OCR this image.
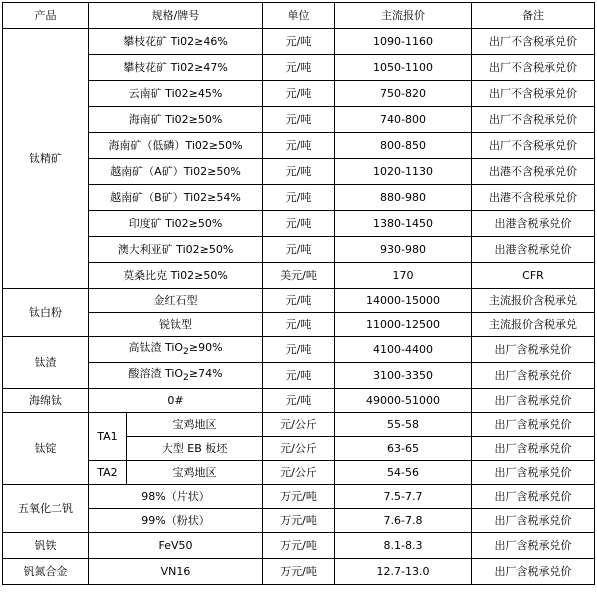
产品	规格/牌号		单位	主流报价	备注
钛精矿	攀枝花矿 Ti02≥46%		元/吨	1090-1160	出厂不含税承兑价
	攀枝花矿 Ti02≥47%		元/吨	1050-1100	出厂不含税承兑价
	云南矿 Ti02≥45%		元/吨	750-820	出厂不含税承兑价
	海南矿 Ti02≥50%		元/吨	740-800	出厂不含税承兑价
	海南矿（低磷）Ti02≥50%		元/吨	800-850	出厂不含税承兑价
	越南矿（A矿）Ti02≥50%		元/吨	1020-1130	出港不含税承兑价
	越南矿（B矿）Ti02≥54%		元/吨	880-980	出港不含税承兑价
	印度矿 Ti02≥50%		元/吨	1380-1450	出港含税承兑价
	澳大利亚矿 Ti02≥50%		元/吨	930-980	出港含税承兑价
	莫桑比克 Ti02≥50%		美元/吨	170	CFR
钛白粉	金红石型		元/吨	14000-15000	主流报价含税承兑
	锐钛型		元/吨	11000-12500	主流报价含税承兑
钛渣	高钛渣 TiO$_2$≥90%		元/吨	4100-4400	出厂含税承兑价
	酸溶渣 TiO$_2$≥74%		元/吨	3100-3350	出厂含税承兑价
海绵钛	0#		元/吨	49000-51000	出厂含税承兑价
钛锭	TA1	宝鸡地区	元/公斤	55-58	出厂含税承兑价
		大型 EB 板坯	元/公斤	63-65	出厂含税承兑价
	TA2	宝鸡地区	元/公斤	54-56	出厂含税承兑价
五氧化二钒	98%（片状）		万元/吨	7.5-7.7	出厂含税承兑价
	99%（粉状）		万元/吨	7.6-7.8	出厂含税承兑价
钒铁	FeV50		万元/吨	8.1-8.3	出厂含税承兑价
钒氮合金	VN16		万元/吨	12.7-13.0	出厂含税承兑价
